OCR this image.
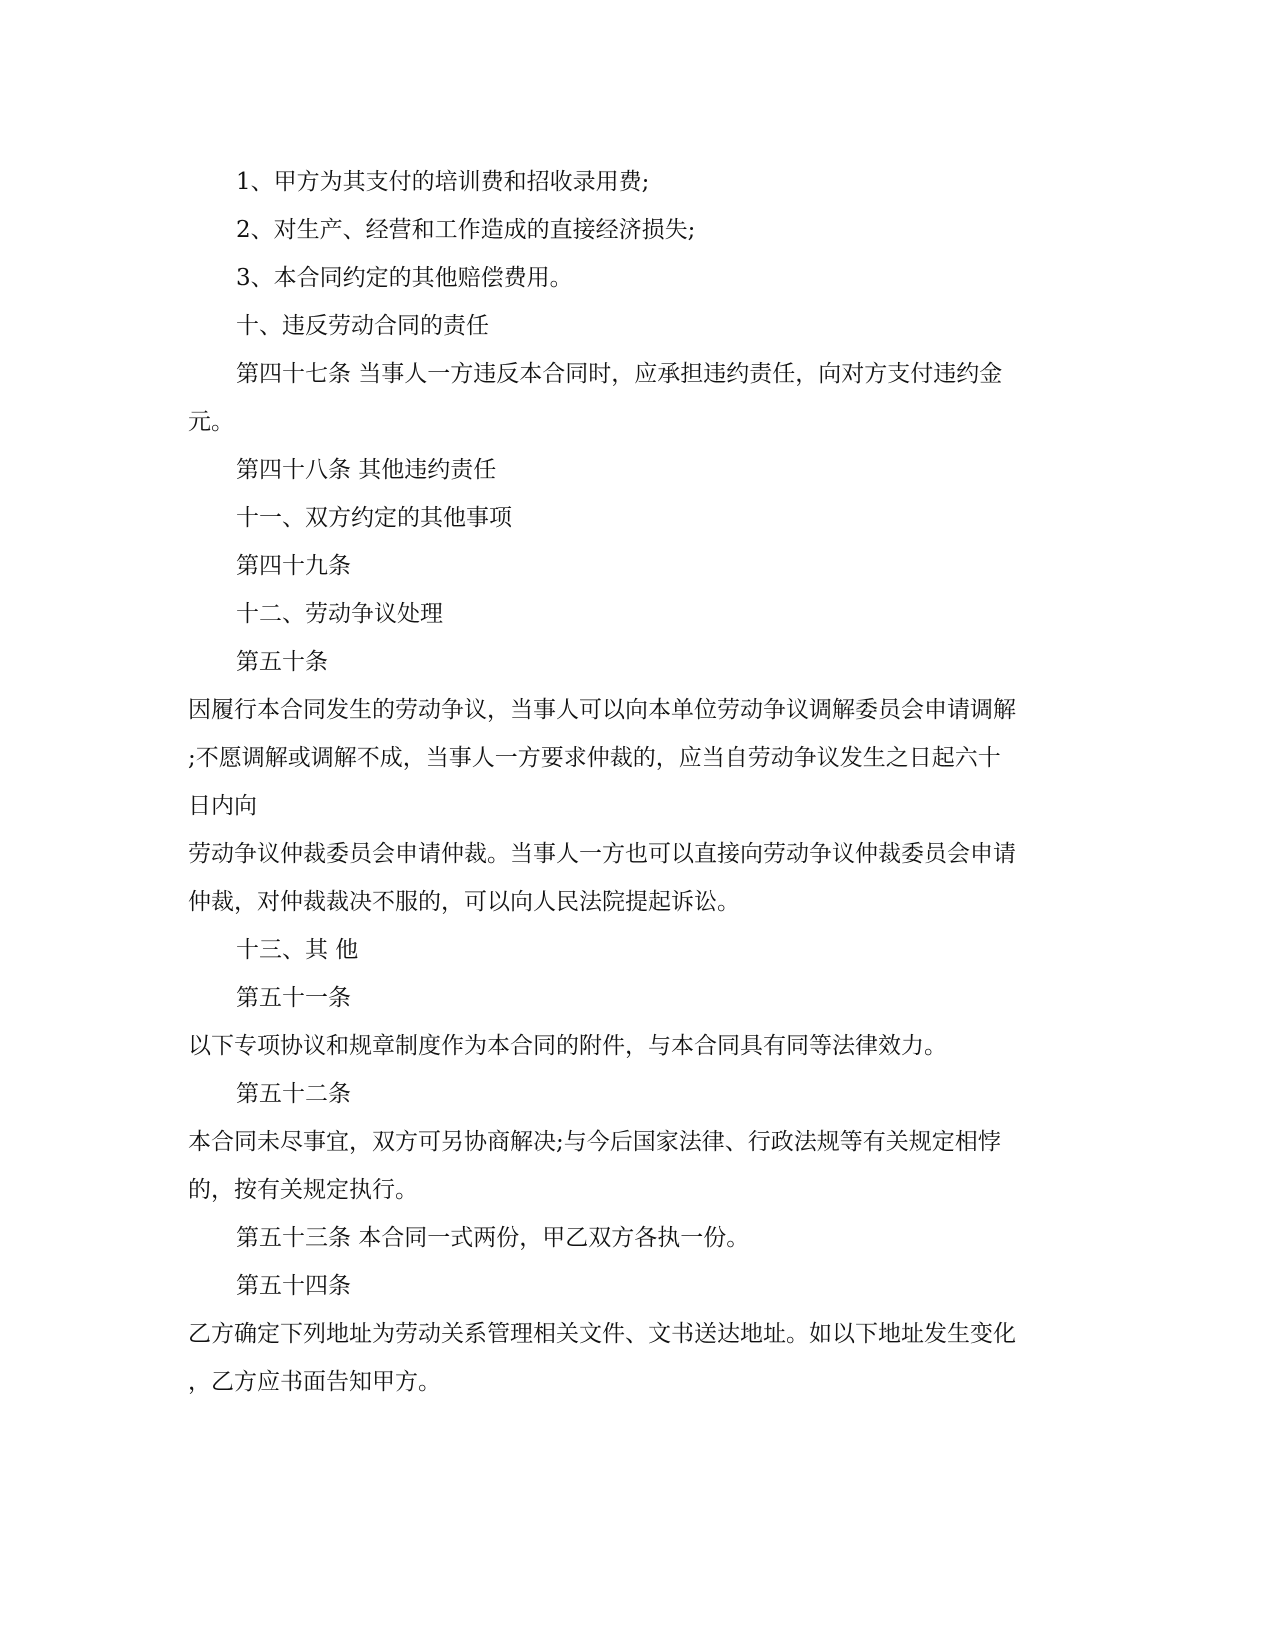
1、甲方为其支付的培训费和招收录用费;
2、对生产、经营和工作造成的直接经济损失;
3、本合同约定的其他赔偿费用。
十、违反劳动合同的责任
第四十七条 当事人一方违反本合同时，应承担违约责任，向对方支付违约金
元。
第四十八条 其他违约责任
十一、双方约定的其他事项
第四十九条
十二、劳动争议处理
第五十条
因履行本合同发生的劳动争议，当事人可以向本单位劳动争议调解委员会申请调解
;不愿调解或调解不成，当事人一方要求仲裁的，应当自劳动争议发生之日起六十
日内向
劳动争议仲裁委员会申请仲裁。当事人一方也可以直接向劳动争议仲裁委员会申请
仲裁，对仲裁裁决不服的，可以向人民法院提起诉讼。
十三、其 他
第五十一条
以下专项协议和规章制度作为本合同的附件，与本合同具有同等法律效力。
第五十二条
本合同未尽事宜，双方可另协商解决;与今后国家法律、行政法规等有关规定相悖
的，按有关规定执行。
第五十三条 本合同一式两份，甲乙双方各执一份。
第五十四条
乙方确定下列地址为劳动关系管理相关文件、文书送达地址。如以下地址发生变化
，乙方应书面告知甲方。
